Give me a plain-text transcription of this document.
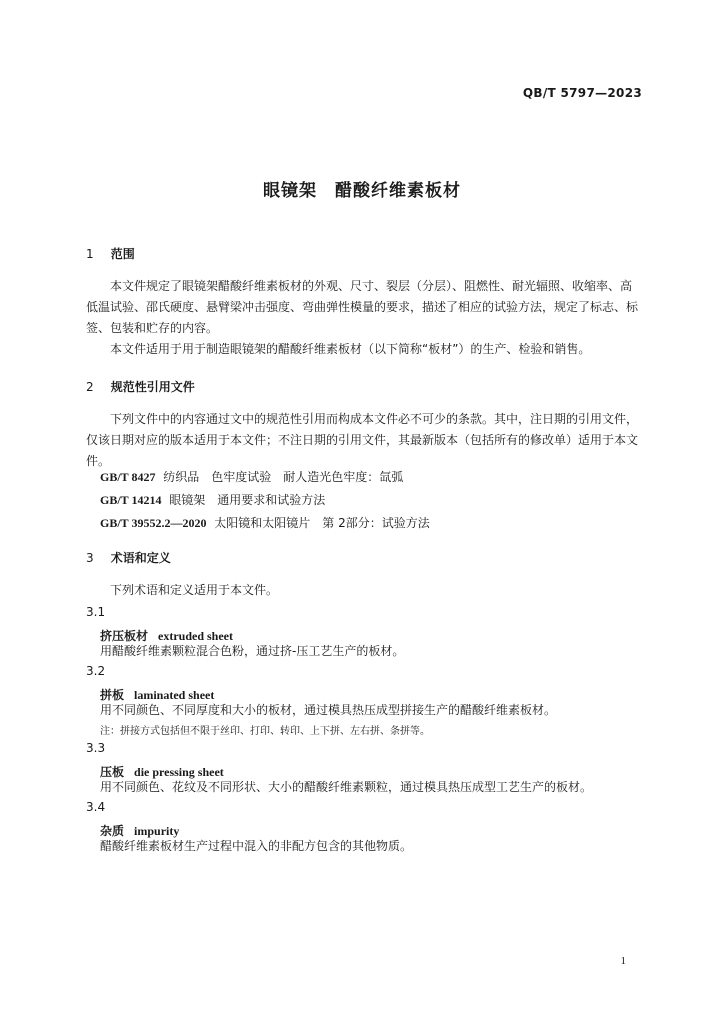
QB/T 5797—2023
眼镜架　醋酸纤维素板材
1 范围

本文件规定了眼镜架醋酸纤维素板材的外观、尺寸、裂层（分层）、阻燃性、耐光辐照、收缩率、高低温试验、邵氏硬度、悬臂梁冲击强度、弯曲弹性模量的要求，描述了相应的试验方法，规定了标志、标签、包装和贮存的内容。

本文件适用于用于制造眼镜架的醋酸纤维素板材（以下简称“板材”）的生产、检验和销售。

2 规范性引用文件

下列文件中的内容通过文中的规范性引用而构成本文件必不可少的条款。其中，注日期的引用文件，仅该日期对应的版本适用于本文件；不注日期的引用文件，其最新版本（包括所有的修改单）适用于本文件。

GB/T 8427 纺织品　色牢度试验　耐人造光色牢度：氙弧
GB/T 14214 眼镜架　通用要求和试验方法
GB/T 39552.2—2020 太阳镜和太阳镜片　第 2部分：试验方法
3 术语和定义

下列术语和定义适用于本文件。

3.1
挤压板材 extruded sheet

用醋酸纤维素颗粒混合色粉，通过挤-压工艺生产的板材。

3.2
拼板 laminated sheet

用不同颜色、不同厚度和大小的板材，通过模具热压成型拼接生产的醋酸纤维素板材。

注：拼接方式包括但不限于丝印、打印、转印、上下拼、左右拼、条拼等。
3.3
压板 die pressing sheet

用不同颜色、花纹及不同形状、大小的醋酸纤维素颗粒，通过模具热压成型工艺生产的板材。

3.4
杂质 impurity

醋酸纤维素板材生产过程中混入的非配方包含的其他物质。

1
